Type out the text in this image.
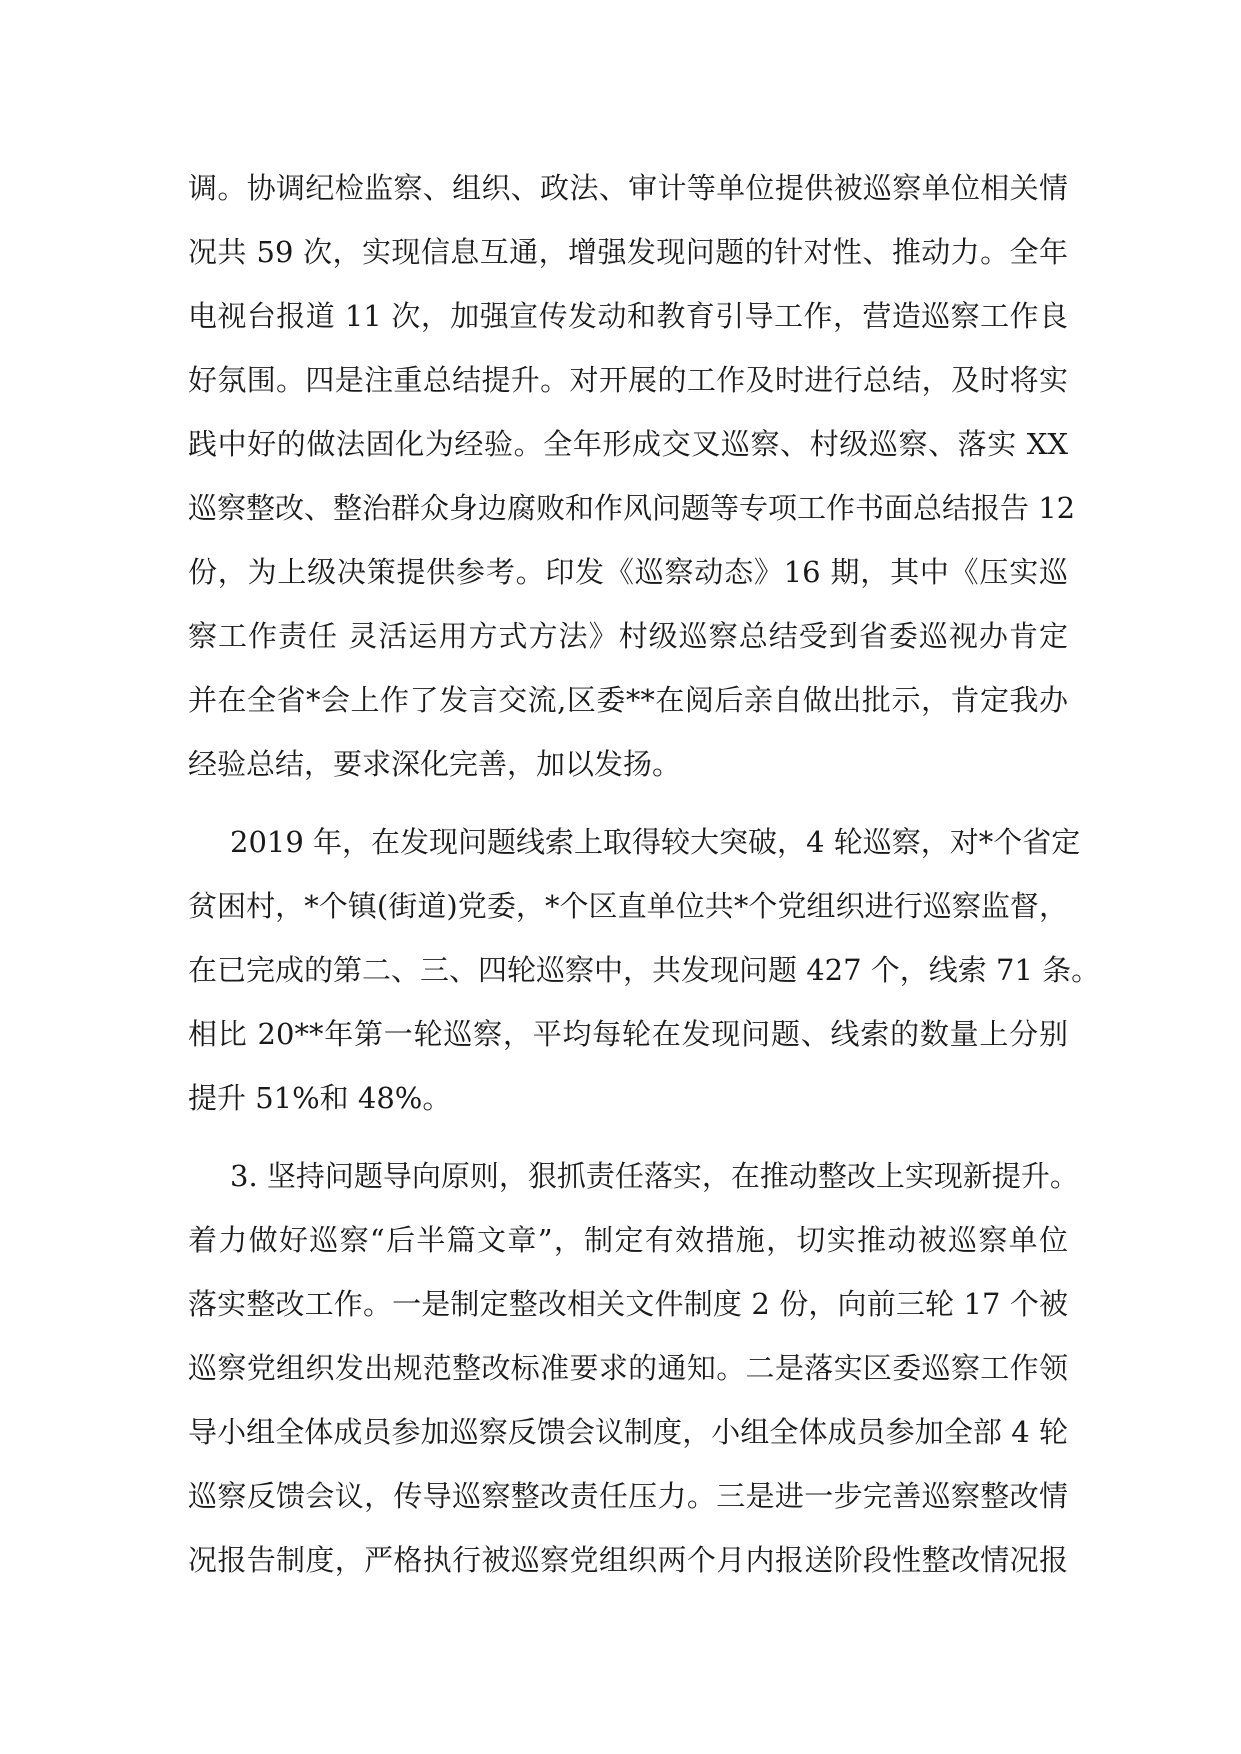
调。协调纪检监察、组织、政法、审计等单位提供被巡察单位相关情
况共 59 次，实现信息互通，增强发现问题的针对性、推动力。全年
电视台报道 11 次，加强宣传发动和教育引导工作，营造巡察工作良
好氛围。四是注重总结提升。对开展的工作及时进行总结，及时将实
践中好的做法固化为经验。全年形成交叉巡察、村级巡察、落实 XX
巡察整改、整治群众身边腐败和作风问题等专项工作书面总结报告 12
份，为上级决策提供参考。印发《巡察动态》16 期，其中《压实巡
察工作责任 灵活运用方式方法》村级巡察总结受到省委巡视办肯定
并在全省*会上作了发言交流,区委**在阅后亲自做出批示，肯定我办
经验总结，要求深化完善，加以发扬。
2019 年，在发现问题线索上取得较大突破，4 轮巡察，对*个省定
贫困村，*个镇(街道)党委，*个区直单位共*个党组织进行巡察监督，
在已完成的第二、三、四轮巡察中，共发现问题 427 个，线索 71 条。
相比 20**年第一轮巡察，平均每轮在发现问题、线索的数量上分别
提升 51%和 48%。
3. 坚持问题导向原则，狠抓责任落实，在推动整改上实现新提升。
着力做好巡察“后半篇文章”，制定有效措施，切实推动被巡察单位
落实整改工作。一是制定整改相关文件制度 2 份，向前三轮 17 个被
巡察党组织发出规范整改标准要求的通知。二是落实区委巡察工作领
导小组全体成员参加巡察反馈会议制度，小组全体成员参加全部 4 轮
巡察反馈会议，传导巡察整改责任压力。三是进一步完善巡察整改情
况报告制度，严格执行被巡察党组织两个月内报送阶段性整改情况报
